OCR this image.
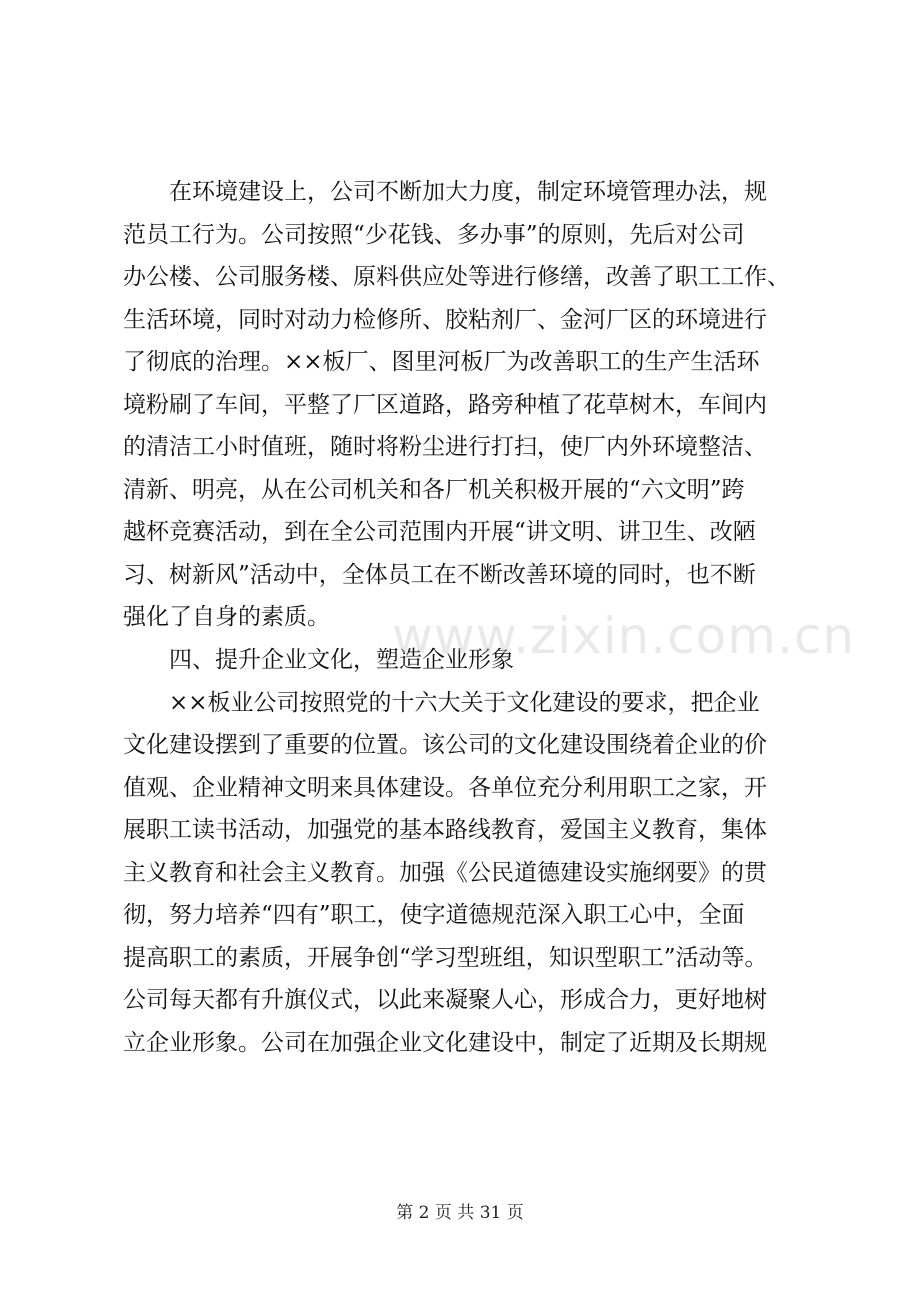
在环境建设上，公司不断加大力度，制定环境管理办法，规
范员工行为。公司按照“少花钱、多办事”的原则，先后对公司
办公楼、公司服务楼、原料供应处等进行修缮，改善了职工工作、
生活环境，同时对动力检修所、胶粘剂厂、金河厂区的环境进行
了彻底的治理。××板厂、图里河板厂为改善职工的生产生活环
境粉刷了车间，平整了厂区道路，路旁种植了花草树木，车间内
的清洁工小时值班，随时将粉尘进行打扫，使厂内外环境整洁、
清新、明亮，从在公司机关和各厂机关积极开展的“六文明”跨
越杯竞赛活动，到在全公司范围内开展“讲文明、讲卫生、改陋
习、树新风”活动中，全体员工在不断改善环境的同时，也不断
强化了自身的素质。
四、提升企业文化，塑造企业形象
××板业公司按照党的十六大关于文化建设的要求，把企业
文化建设摆到了重要的位置。该公司的文化建设围绕着企业的价
值观、企业精神文明来具体建设。各单位充分利用职工之家，开
展职工读书活动，加强党的基本路线教育，爱国主义教育，集体
主义教育和社会主义教育。加强《公民道德建设实施纲要》的贯
彻，努力培养“四有”职工，使字道德规范深入职工心中，全面
提高职工的素质，开展争创“学习型班组，知识型职工”活动等。
公司每天都有升旗仪式，以此来凝聚人心，形成合力，更好地树
立企业形象。公司在加强企业文化建设中，制定了近期及长期规
www.zixin.com.cn
第 2 页 共 31 页
